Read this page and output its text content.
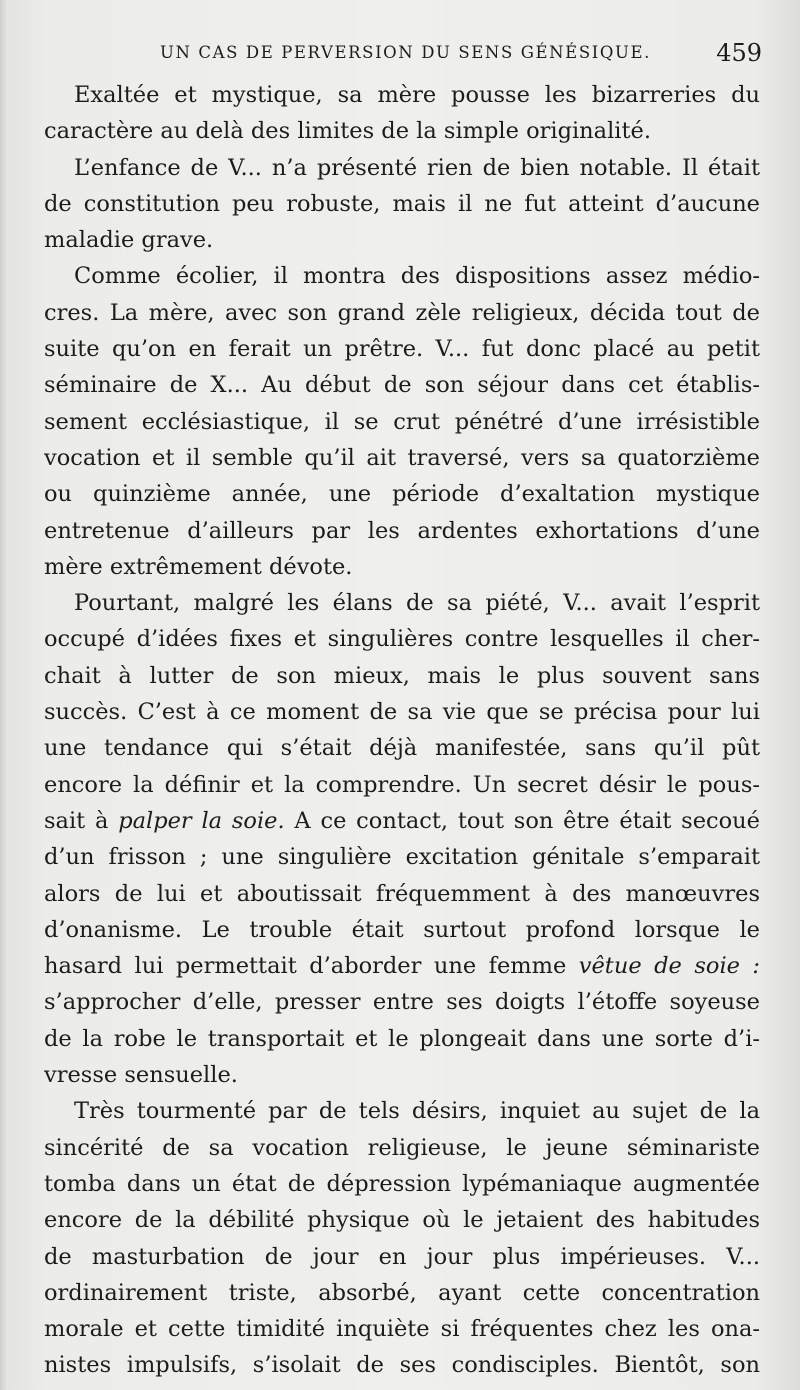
UN CAS DE PERVERSION DU SENS GÉNÉSIQUE.	459
Exaltée et mystique, sa mère pousse les bizarreries du
caractère au delà des limites de la simple originalité.
L’enfance de V... n’a présenté rien de bien notable. Il était
de constitution peu robuste, mais il ne fut atteint d’aucune
maladie grave.
Comme écolier, il montra des dispositions assez médio-
cres. La mère, avec son grand zèle religieux, décida tout de
suite qu’on en ferait un prêtre. V... fut donc placé au petit
séminaire de X... Au début de son séjour dans cet établis-
sement ecclésiastique, il se crut pénétré d’une irrésistible
vocation et il semble qu’il ait traversé, vers sa quatorzième
ou quinzième année, une période d’exaltation mystique
entretenue d’ailleurs par les ardentes exhortations d’une
mère extrêmement dévote.
Pourtant, malgré les élans de sa piété, V... avait l’esprit
occupé d’idées fixes et singulières contre lesquelles il cher-
chait à lutter de son mieux, mais le plus souvent sans
succès. C’est à ce moment de sa vie que se précisa pour lui
une tendance qui s’était déjà manifestée, sans qu’il pût
encore la définir et la comprendre. Un secret désir le pous-
sait à palper la soie. A ce contact, tout son être était secoué
d’un frisson ; une singulière excitation génitale s’emparait
alors de lui et aboutissait fréquemment à des manœuvres
d’onanisme. Le trouble était surtout profond lorsque le
hasard lui permettait d’aborder une femme vêtue de soie :
s’approcher d’elle, presser entre ses doigts l’étoffe soyeuse
de la robe le transportait et le plongeait dans une sorte d’i-
vresse sensuelle.
Très tourmenté par de tels désirs, inquiet au sujet de la
sincérité de sa vocation religieuse, le jeune séminariste
tomba dans un état de dépression lypémaniaque augmentée
encore de la débilité physique où le jetaient des habitudes
de masturbation de jour en jour plus impérieuses. V...
ordinairement triste, absorbé, ayant cette concentration
morale et cette timidité inquiète si fréquentes chez les ona-
nistes impulsifs, s’isolait de ses condisciples. Bientôt, son
